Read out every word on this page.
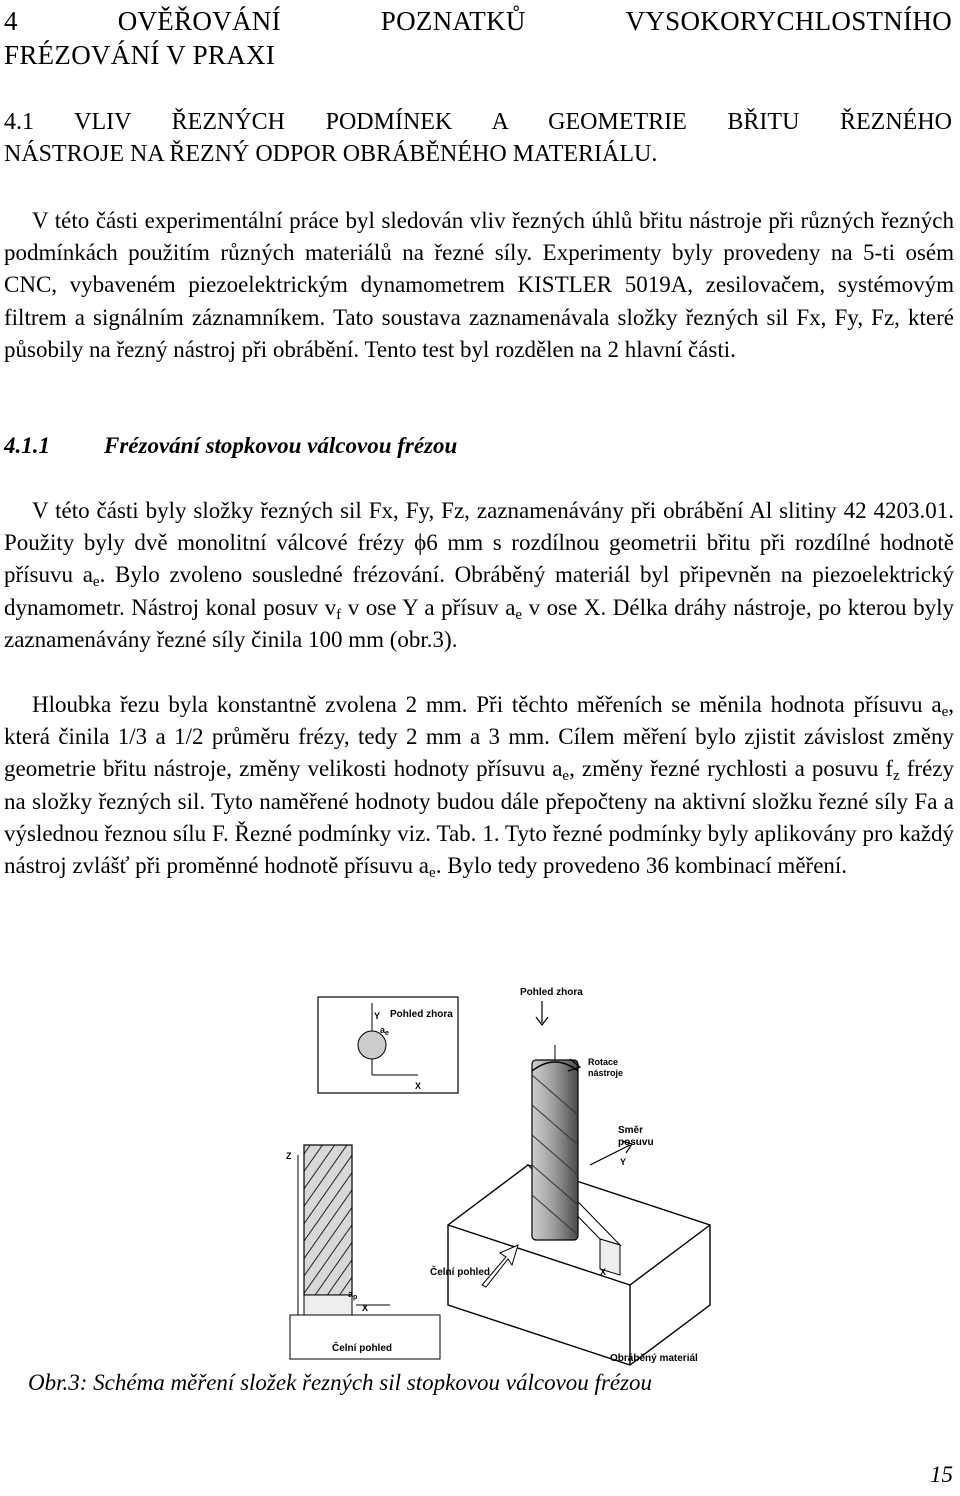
4	OVĚŘOVÁNÍ	POZNATKŮ	VYSOKORYCHLOSTNÍHO
FRÉZOVÁNÍ V PRAXI
4.1 VLIV ŘEZNÝCH PODMÍNEK A GEOMETRIE BŘITU ŘEZNÉHO
NÁSTROJE NA ŘEZNÝ ODPOR OBRÁBĚNÉHO MATERIÁLU.

V této části experimentální práce byl sledován vliv řezných úhlů břitu nástroje při různých řezných podmínkách použitím různých materiálů na řezné síly. Experimenty byly provedeny na 5-ti osém CNC, vybaveném piezoelektrickým dynamometrem KISTLER 5019A, zesilovačem, systémovým filtrem a signálním záznamníkem. Tato soustava zaznamenávala složky řezných sil Fx, Fy, Fz, které působily na řezný nástroj při obrábění. Tento test byl rozdělen na 2 hlavní části.

4.1.1 Frézování stopkovou válcovou frézou

V této části byly složky řezných sil Fx, Fy, Fz, zaznamenávány při obrábění Al slitiny 42 4203.01. Použity byly dvě monolitní válcové frézy ϕ6 mm s rozdílnou geometrii břitu při rozdílné hodnotě přísuvu $a_e$. Bylo zvoleno sousledné frézování. Obráběný materiál byl připevněn na piezoelektrický dynamometr. Nástroj konal posuv $v_f$ v ose Y a přísuv $a_e$ v ose X. Délka dráhy nástroje, po kterou byly zaznamenávány řezné síly činila 100 mm (obr.3).

Hloubka řezu byla konstantně zvolena 2 mm. Při těchto měřeních se měnila hodnota přísuvu $a_e$, která činila 1/3 a 1/2 průměru frézy, tedy 2 mm a 3 mm. Cílem měření bylo zjistit závislost změny geometrie břitu nástroje, změny velikosti hodnoty přísuvu $a_e$, změny řezné rychlosti a posuvu $f_z$ frézy na složky řezných sil. Tyto naměřené hodnoty budou dále přepočteny na aktivní složku řezné síly Fa a výslednou řeznou sílu F. Řezné podmínky viz. Tab. 1. Tyto řezné podmínky byly aplikovány pro každý nástroj zvlášť při proměnné hodnotě přísuvu $a_e$. Bylo tedy provedeno 36 kombinací měření.

Y
$a_e$
X
Pohled zhora
Pohled zhora
Z
$a_p$
X
Čelní pohled
X
Obráběný materiál
Rotace
nástroje
Směr
posuvu
Y
Čelní pohled
Obr.3: Schéma měření složek řezných sil stopkovou válcovou frézou
15
